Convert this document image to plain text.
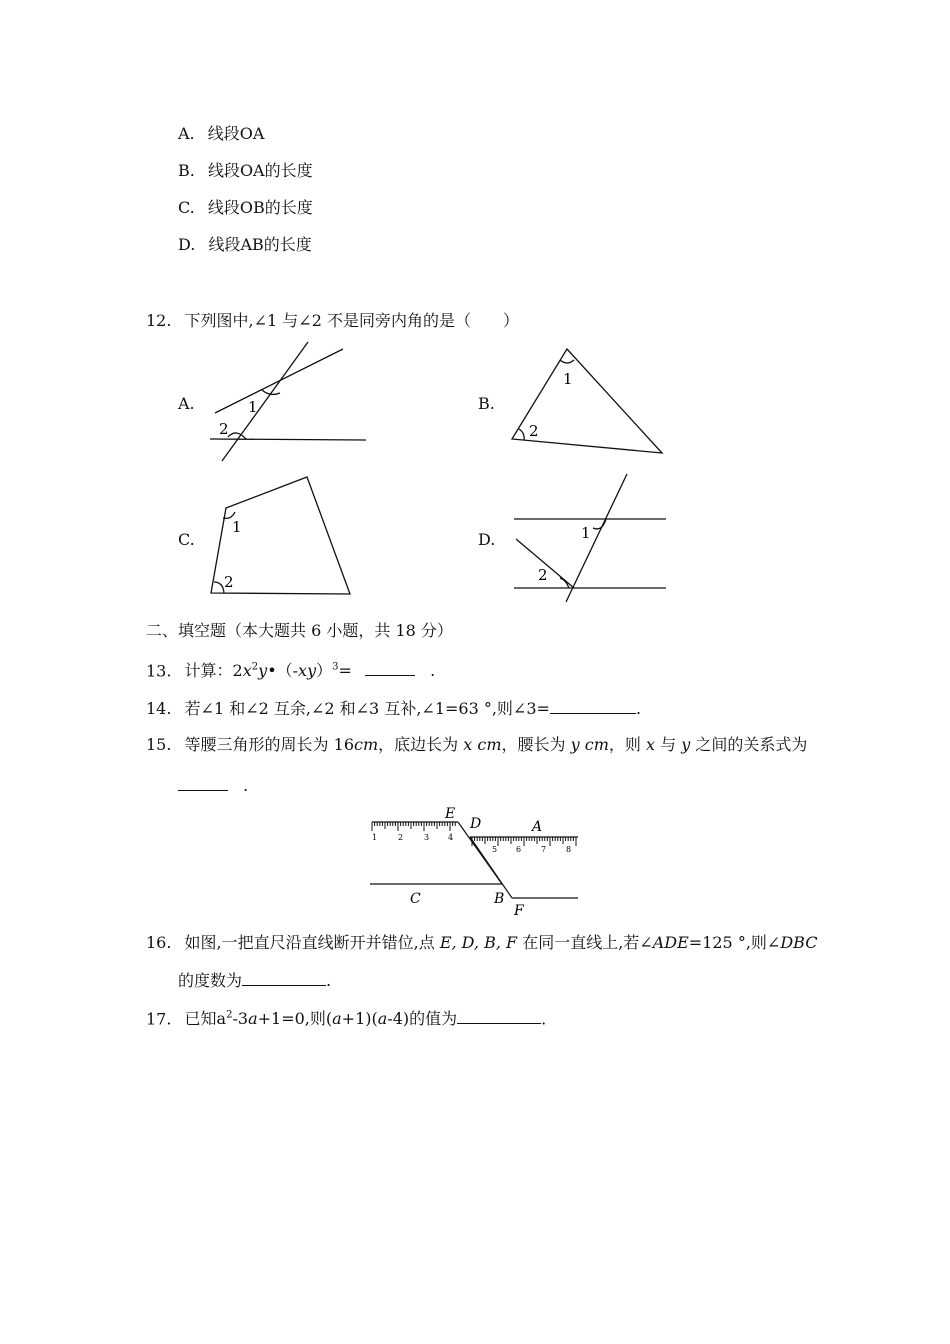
A. 线段OA
B. 线段OA的长度
C. 线段OB的长度
D. 线段AB的长度
12. 下列图中,∠1 与∠2 不是同旁内角的是（　　）
A.	B.
C.	D.
1
2
1
2
1
2
1
2
二、填空题（本大题共 6 小题，共 18 分）
13. 计算：$2x^2y•(-xy)^3=$	.
14. 若∠1 和∠2 互余,∠2 和∠3 互补,∠1=63 °,则∠3=	.
15. 等腰三角形的周长为 16cm，底边长为 x cm，腰长为 y cm，则 x 与 y 之间的关系式为
.
1	2	3 4
5 6 7 8
E
D	A
C	B
F
16. 如图,一把直尺沿直线断开并错位,点 E, D, B, F 在同一直线上,若∠ADE=125 °,则∠DBC
的度数为	.
17. 已知$a^2-3a+1=0$,则(a+1)(a-4)的值为	.
